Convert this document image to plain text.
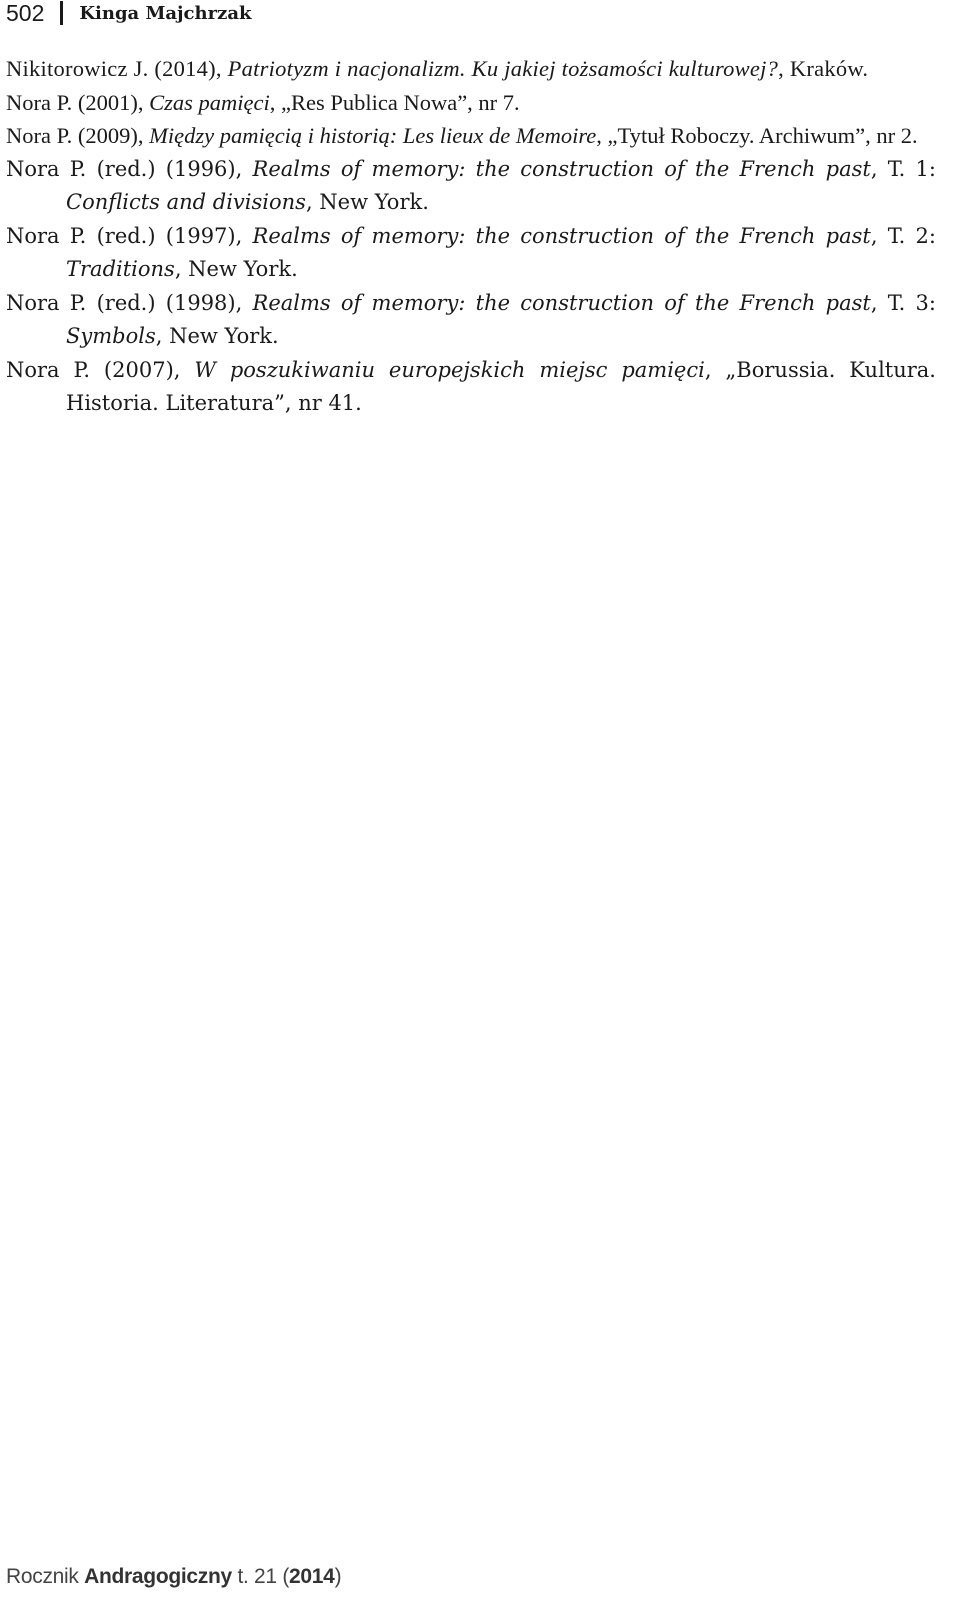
502 Kinga Majchrzak
Nikitorowicz J. (2014), Patriotyzm i nacjonalizm. Ku jakiej tożsamości kulturowej?, Kraków.
Nora P. (2001), Czas pamięci, „Res Publica Nowa”, nr 7.
Nora P. (2009), Między pamięcią i historią: Les lieux de Memoire, „Tytuł Roboczy. Archiwum”, nr 2.
Nora P. (red.) (1996), Realms of memory: the construction of the French past, T. 1: Conflicts and divisions, New York.
Nora P. (red.) (1997), Realms of memory: the construction of the French past, T. 2: Traditions, New York.
Nora P. (red.) (1998), Realms of memory: the construction of the French past, T. 3: Symbols, New York.
Nora P. (2007), W poszukiwaniu europejskich miejsc pamięci, „Borussia. Kultura. Historia. Literatura”, nr 41.
Rocznik Andragogiczny t. 21 (2014)
